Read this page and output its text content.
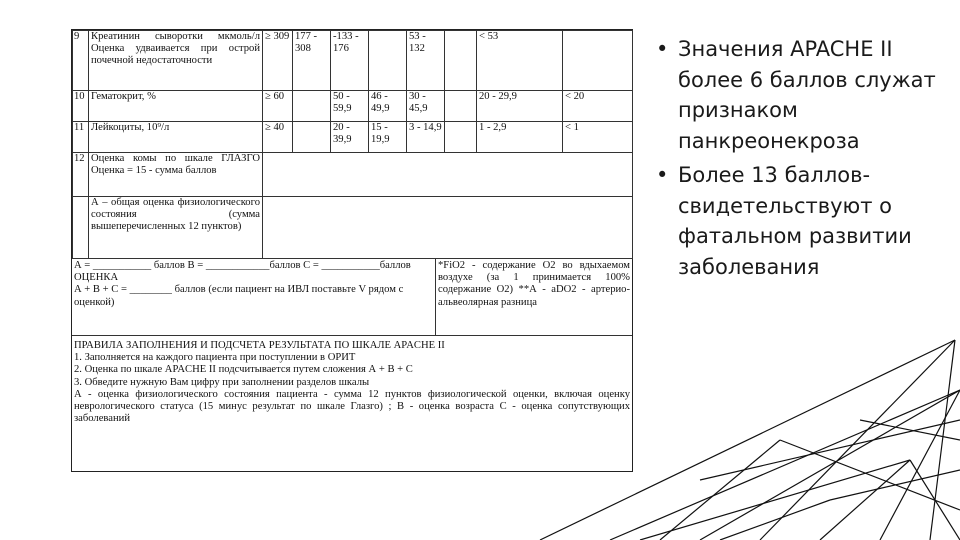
9	Креатинин сыворотки мкмоль/л Оценка удваивается при острой почечной недостаточности	≥ 309	177 - 308	-133 - 176		53 - 132		< 53	
10	Гематокрит, %	≥ 60		50 - 59,9	46 - 49,9	30 - 45,9		20 - 29,9	< 20
11	Лейкоциты, 10⁹/л	≥ 40		20 - 39,9	15 - 19,9	3 - 14,9		1 - 2,9	< 1
12	Оценка комы по шкале ГЛАЗГО Оценка = 15 - сумма баллов								
	А – общая оценка физиологического состояния (сумма вышеперечисленных 12 пунктов)								

А = ___________ баллов В = ____________баллов С = ___________баллов

ОЦЕНКА

А + В + С = ________ баллов (если пациент на ИВЛ поставьте V рядом с оценкой)

*FiO2 - содержание O2 во вдыхаемом воздухе (за 1 принимается 100% содержание O2) **А - aDO2 - артерио-альвеолярная разница

ПРАВИЛА ЗАПОЛНЕНИЯ И ПОДСЧЕТА РЕЗУЛЬТАТА ПО ШКАЛЕ APACHE II

1. Заполняется на каждого пациента при поступлении в ОРИТ

2. Оценка по шкале APACHE II подсчитывается путем сложения А + В + С

3. Обведите нужную Вам цифру при заполнении разделов шкалы

А - оценка физиологического состояния пациента - сумма 12 пунктов физиологической оценки, включая оценку неврологического статуса (15 минус результат по шкале Глазго) ; В - оценка возраста С - оценка сопутствующих заболеваний

• Значения APACHE II более 6 баллов служат признаком панкреонекроза
• Более 13 баллов-свидетельствуют о фатальном развитии заболевания
